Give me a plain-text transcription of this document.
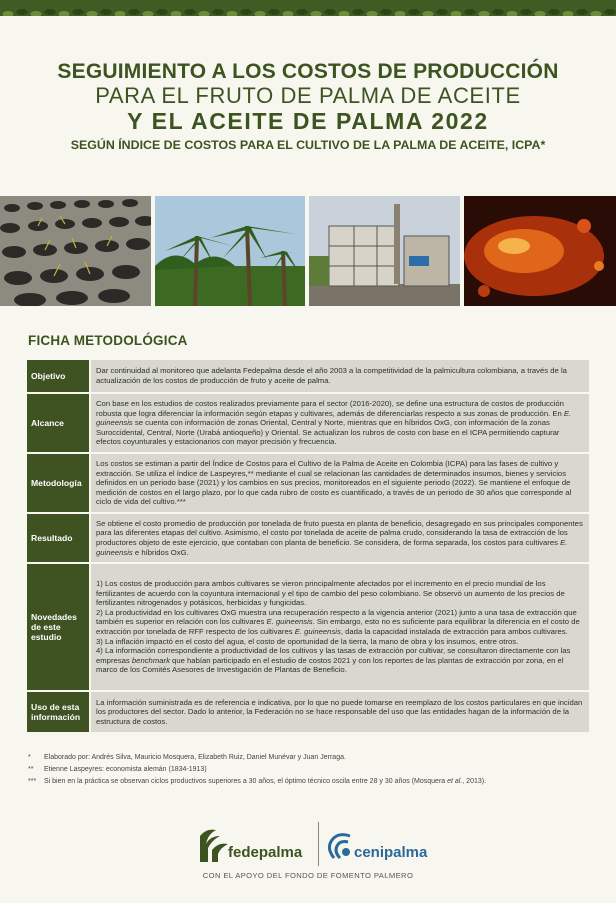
SEGUIMIENTO A LOS COSTOS DE PRODUCCIÓN
PARA EL FRUTO DE PALMA DE ACEITE
Y EL ACEITE DE PALMA 2022
SEGÚN ÍNDICE DE COSTOS PARA EL CULTIVO DE LA PALMA DE ACEITE, ICPA*
FICHA METODOLÓGICA
Objetivo	Dar continuidad al monitoreo que adelanta Fedepalma desde el año 2003 a la competitividad de la palmicultura colombiana, a través de la actualización de los costos de producción de fruto y aceite de palma.
Alcance	Con base en los estudios de costos realizados previamente para el sector (2016-2020), se define una estructura de costos de producción robusta que logra diferenciar la información según etapas y cultivares, además de diferenciarlas respecto a sus zonas de producción. En E. guineensis se cuenta con información de zonas Oriental, Central y Norte, mientras que en híbridos OxG, con información de la zonas Suroccidental, Central, Norte (Urabá antioqueño) y Oriental. Se actualizan los rubros de costo con base en el ICPA permitiendo capturar efectos coyunturales y estacionarios con mayor precisión y frecuencia.
Metodología	Los costos se estiman a partir del Índice de Costos para el Cultivo de la Palma de Aceite en Colombia (ICPA) para las fases de cultivo y extracción. Se utiliza el índice de Laspeyres,** mediante el cual se relacionan las cantidades de determinados insumos, bienes y servicios definidos en un periodo base (2021) y los cambios en sus precios, monitoreados en el siguiente periodo (2022). Se mantiene el enfoque de medición de costos en el largo plazo, por lo que cada rubro de costo es cuantificado, a través de un periodo de 30 años que corresponde al ciclo de vida del cultivo.***
Resultado	Se obtiene el costo promedio de producción por tonelada de fruto puesta en planta de beneficio, desagregado en sus principales componentes para las diferentes etapas del cultivo. Asimismo, el costo por tonelada de aceite de palma crudo, considerando la tasa de extracción de los productores objeto de este ejercicio, que contaban con planta de beneficio. Se considera, de forma separada, los costos para cultivares E. guineensis e híbridos OxG.
Novedades de este estudio	1) Los costos de producción para ambos cultivares se vieron principalmente afectados por el incremento en el precio mundial de los fertilizantes de acuerdo con la coyuntura internacional y el tipo de cambio del peso colombiano. Se observó un aumento de los precios de fertilizantes nitrogenados y potásicos, herbicidas y fungicidas.
2) La productividad en los cultivares OxG muestra una recuperación respecto a la vigencia anterior (2021) junto a una tasa de extracción que también es superior en relación con los cultivares E. guineensis. Sin embargo, esto no es suficiente para equilibrar la diferencia en el costo de extracción por tonelada de RFF respecto de los cultivares E. guineensis, dada la capacidad instalada de extracción para ambos cultivares.
3) La inflación impactó en el costo del agua, el costo de oportunidad de la tierra, la mano de obra y los insumos, entre otros.
4) La información correspondiente a productividad de los cultivos y las tasas de extracción por cultivar, se consultaron directamente con las empresas benchmark que habían participado en el estudio de costos 2021 y con los reportes de las plantas de extracción por zona, en el marco de los Comités Asesores de Investigación de Plantas de Beneficio.

Uso de esta información	La información suministrada es de referencia e indicativa, por lo que no puede tomarse en reemplazo de los costos particulares en que incidan los productores del sector. Dado lo anterior, la Federación no se hace responsable del uso que las entidades hagan de la información de la estructura de costos.
* Elaborado por: Andrés Silva, Mauricio Mosquera, Elizabeth Ruiz, Daniel Munévar y Juan Jerraga.
** Etienne Laspeyres: economista alemán (1834-1913)
*** Si bien en la práctica se observan ciclos productivos superiores a 30 años, el óptimo técnico oscila entre 28 y 30 años (Mosquera et al., 2013).
fedepalma	cenipalma
CON EL APOYO DEL FONDO DE FOMENTO PALMERO
